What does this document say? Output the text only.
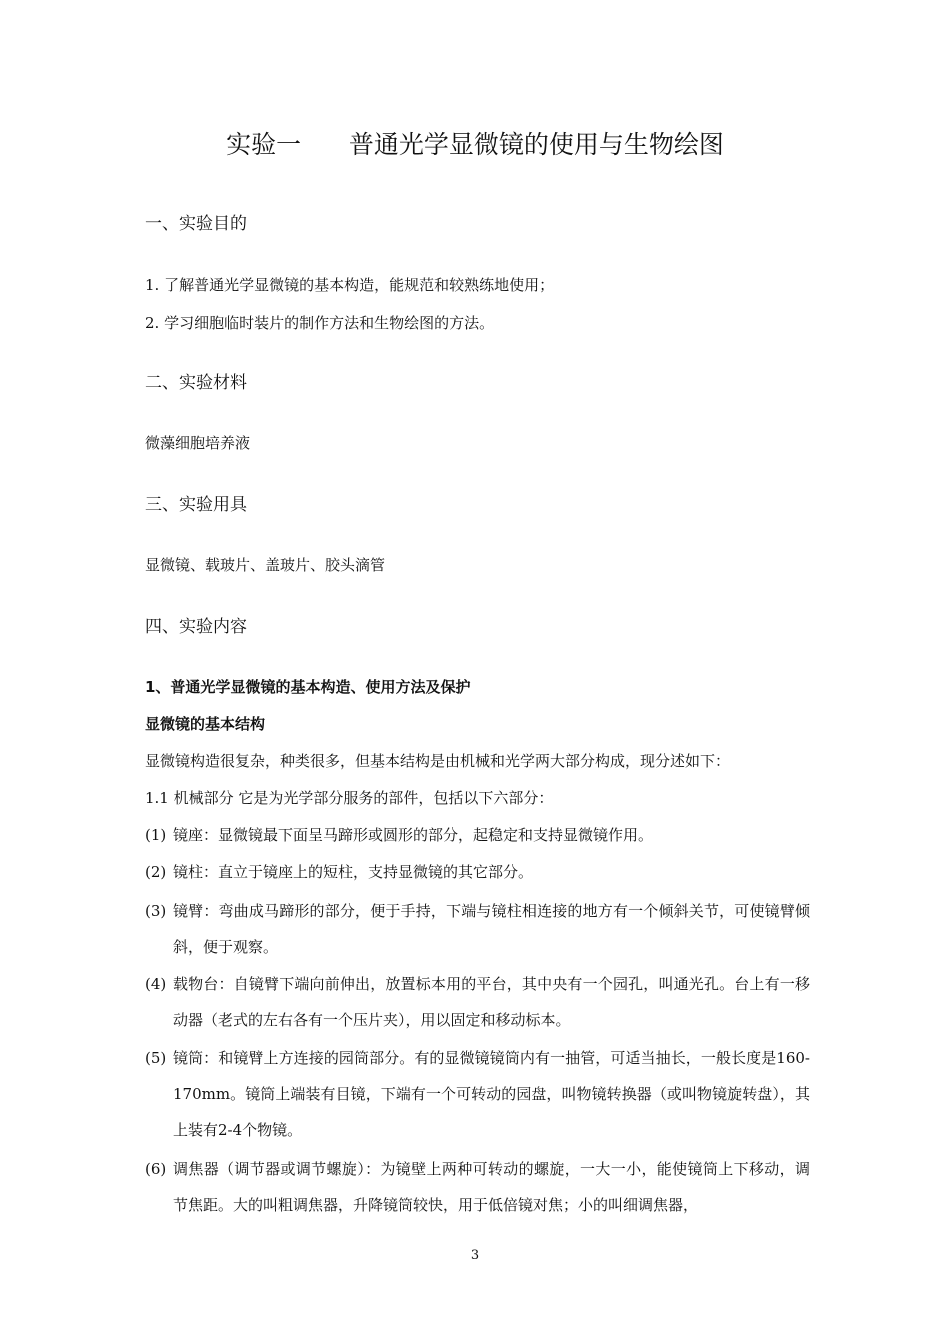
实验一      普通光学显微镜的使用与生物绘图
一、实验目的
1. 了解普通光学显微镜的基本构造，能规范和较熟练地使用；
2. 学习细胞临时装片的制作方法和生物绘图的方法。
二、实验材料
微藻细胞培养液
三、实验用具
显微镜、载玻片、盖玻片、胶头滴管
四、实验内容
1、普通光学显微镜的基本构造、使用方法及保护
显微镜的基本结构
显微镜构造很复杂，种类很多，但基本结构是由机械和光学两大部分构成，现分述如下：
1.1 机械部分 它是为光学部分服务的部件，包括以下六部分：
(1) 镜座：显微镜最下面呈马蹄形或圆形的部分，起稳定和支持显微镜作用。
(2) 镜柱：直立于镜座上的短柱，支持显微镜的其它部分。
(3) 镜臂：弯曲成马蹄形的部分，便于手持，下端与镜柱相连接的地方有一个倾斜关节，可使镜臂倾斜，便于观察。
(4) 载物台：自镜臂下端向前伸出，放置标本用的平台，其中央有一个园孔，叫通光孔。台上有一移动器（老式的左右各有一个压片夹），用以固定和移动标本。
(5) 镜筒：和镜臂上方连接的园筒部分。有的显微镜镜筒内有一抽管，可适当抽长，一般长度是160-170mm。镜筒上端装有目镜，下端有一个可转动的园盘，叫物镜转换器（或叫物镜旋转盘），其上装有2-4个物镜。
(6) 调焦器（调节器或调节螺旋）：为镜壁上两种可转动的螺旋，一大一小，能使镜筒上下移动，调节焦距。大的叫粗调焦器，升降镜筒较快，用于低倍镜对焦；小的叫细调焦器，
3
